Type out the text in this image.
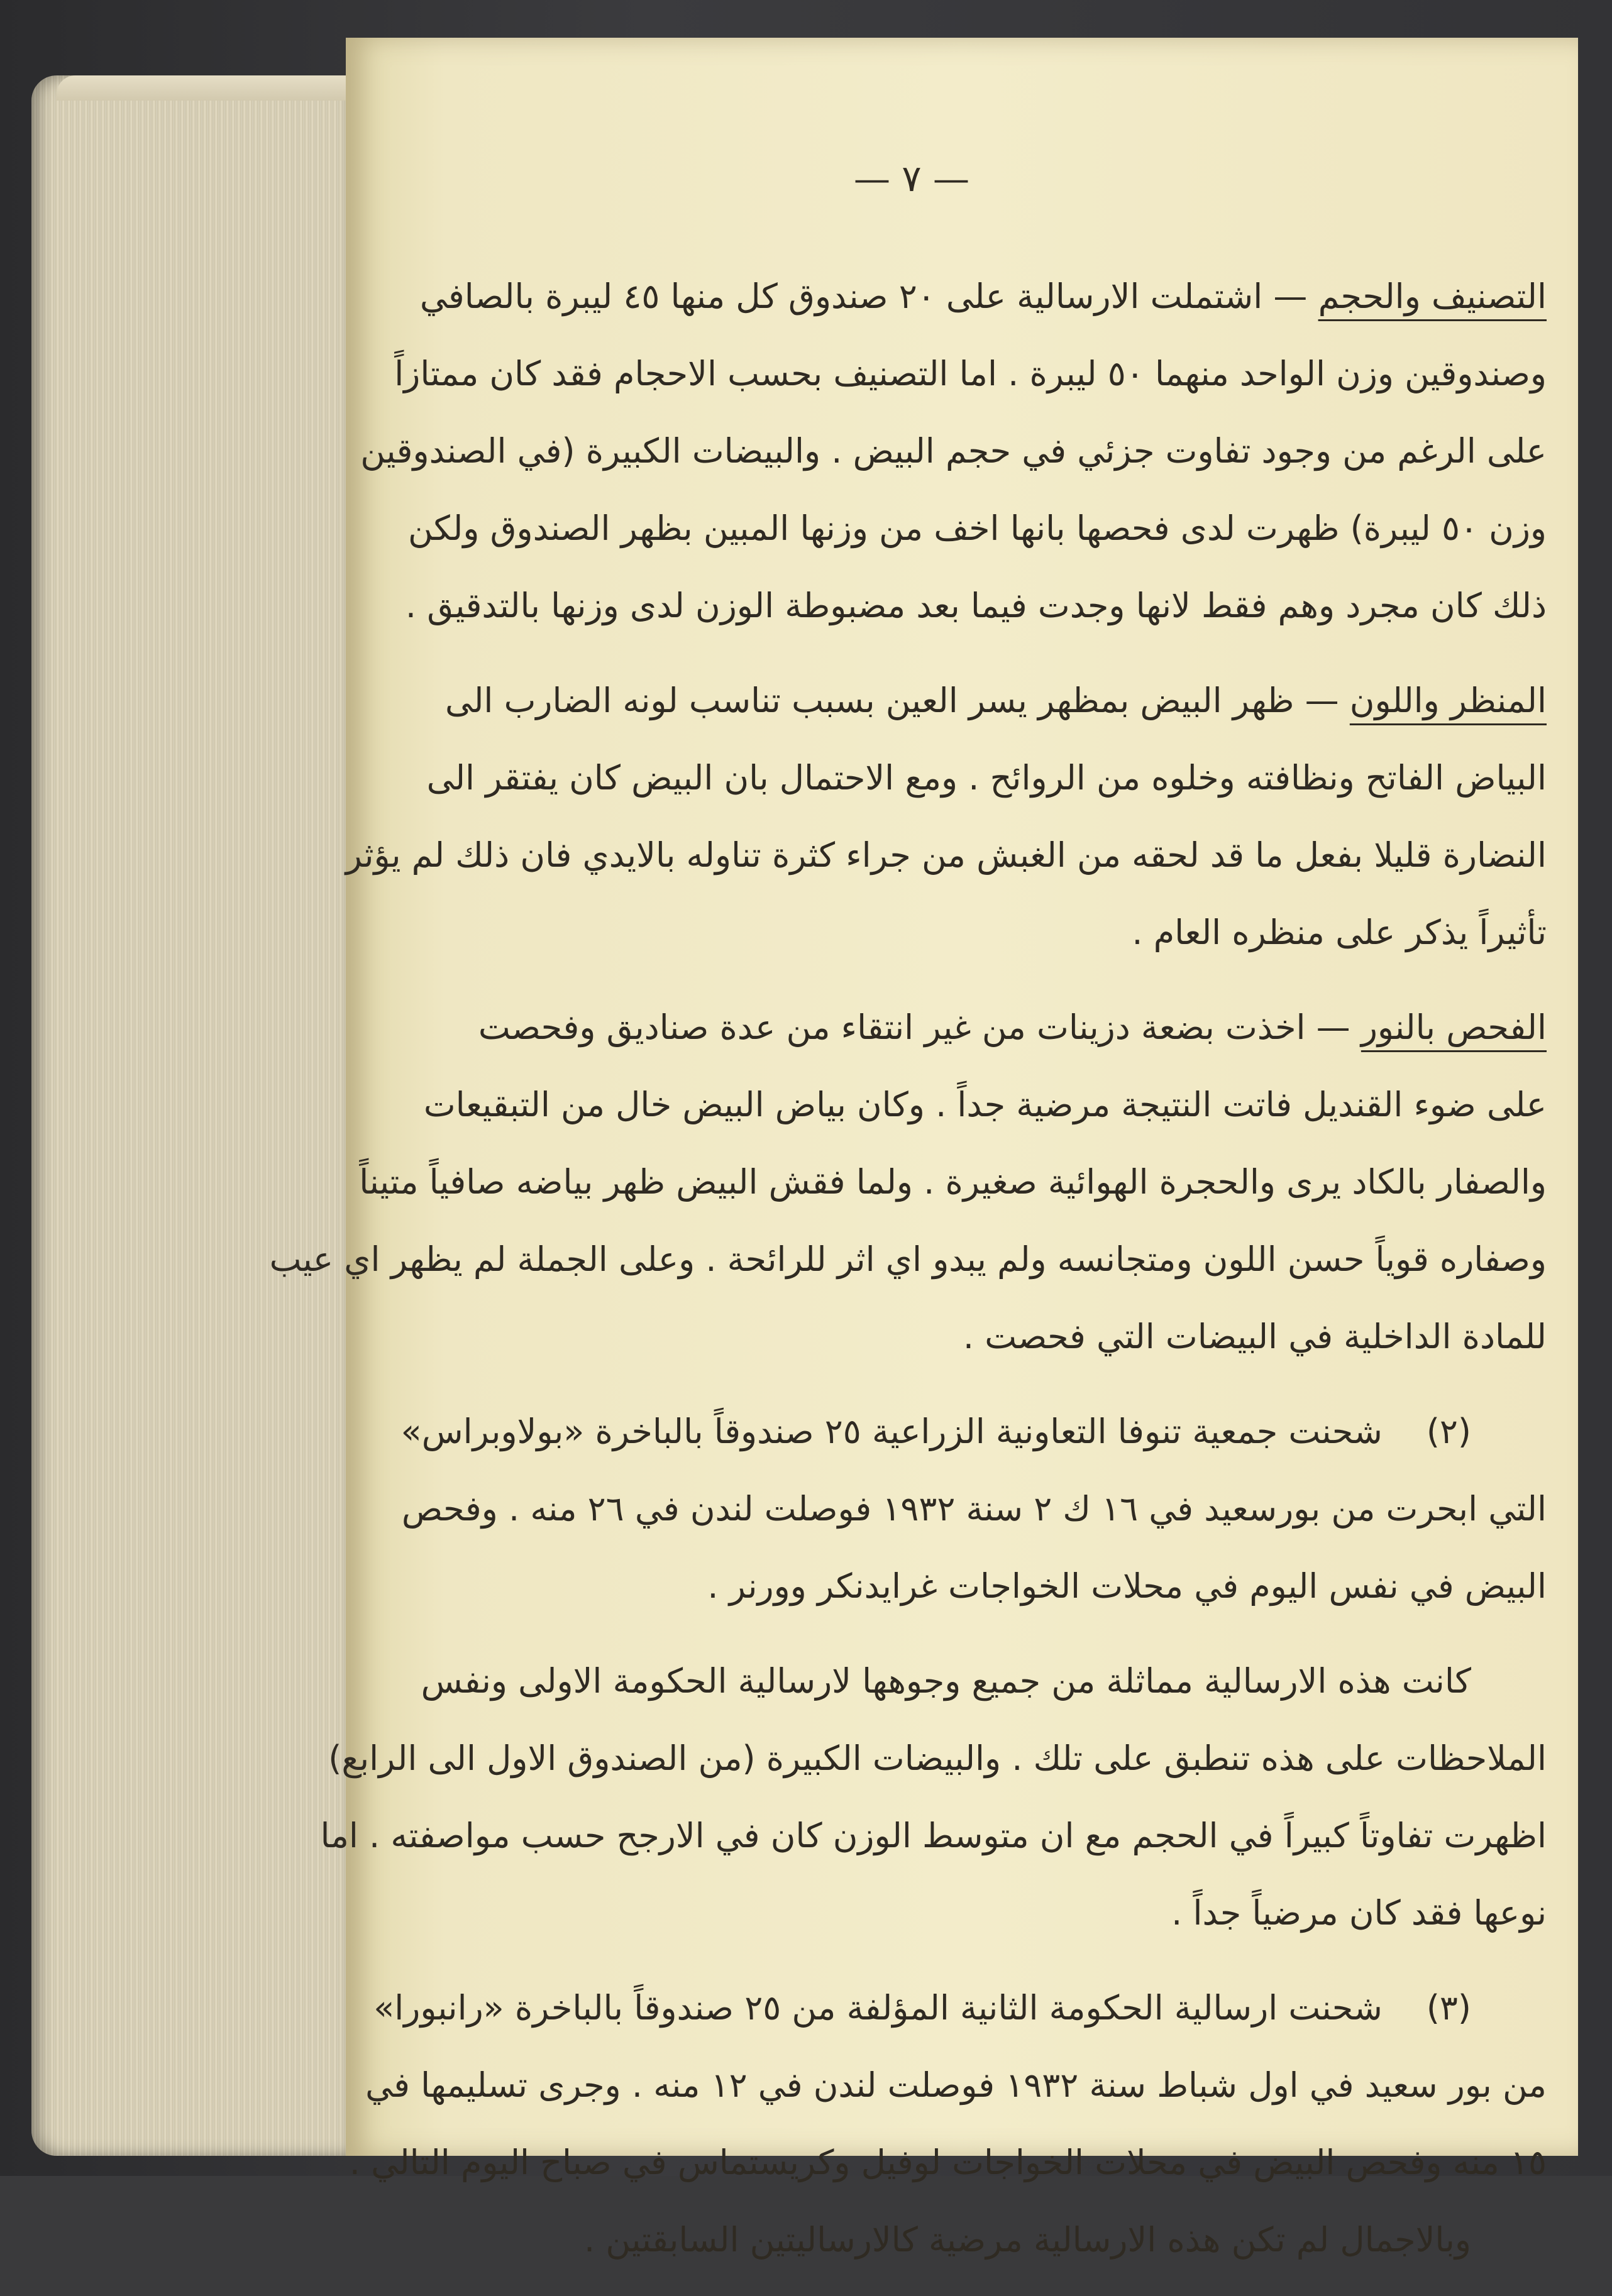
— ٧ —
التصنيف والحجم — اشتملت الارسالية على ٢٠ صندوق كل منها ٤٥ ليبرة بالصافي
وصندوقين وزن الواحد منهما ٥٠ ليبرة . اما التصنيف بحسب الاحجام فقد كان ممتازاً
على الرغم من وجود تفاوت جزئي في حجم البيض . والبيضات الكبيرة (في الصندوقين
وزن ٥٠ ليبرة) ظهرت لدى فحصها بانها اخف من وزنها المبين بظهر الصندوق ولكن
ذلك كان مجرد وهم فقط لانها وجدت فيما بعد مضبوطة الوزن لدى وزنها بالتدقيق .
المنظر واللون — ظهر البيض بمظهر يسر العين بسبب تناسب لونه الضارب الى
البياض الفاتح ونظافته وخلوه من الروائح . ومع الاحتمال بان البيض كان يفتقر الى
النضارة قليلا بفعل ما قد لحقه من الغبش من جراء كثرة تناوله بالايدي فان ذلك لم يؤثر
تأثيراً يذكر على منظره العام .
الفحص بالنور — اخذت بضعة دزينات من غير انتقاء من عدة صناديق وفحصت
على ضوء القنديل فاتت النتيجة مرضية جداً . وكان بياض البيض خال من التبقيعات
والصفار بالكاد يرى والحجرة الهوائية صغيرة . ولما فقش البيض ظهر بياضه صافياً متيناً
وصفاره قوياً حسن اللون ومتجانسه ولم يبدو اي اثر للرائحة . وعلى الجملة لم يظهر اي عيب
للمادة الداخلية في البيضات التي فحصت .
(٢)شحنت جمعية تنوفا التعاونية الزراعية ٢٥ صندوقاً بالباخرة «بولاوبراس»
التي ابحرت من بورسعيد في ١٦ ك ٢ سنة ١٩٣٢ فوصلت لندن في ٢٦ منه . وفحص
البيض في نفس اليوم في محلات الخواجات غرايدنكر وورنر .
كانت هذه الارسالية مماثلة من جميع وجوهها لارسالية الحكومة الاولى ونفس
الملاحظات على هذه تنطبق على تلك . والبيضات الكبيرة (من الصندوق الاول الى الرابع)
اظهرت تفاوتاً كبيراً في الحجم مع ان متوسط الوزن كان في الارجح حسب مواصفته . اما
نوعها فقد كان مرضياً جداً .
(٣)شحنت ارسالية الحكومة الثانية المؤلفة من ٢٥ صندوقاً بالباخرة «رانبورا»
من بور سعيد في اول شباط سنة ١٩٣٢ فوصلت لندن في ١٢ منه . وجرى تسليمها في
١٥ منه وفحص البيض في محلات الخواجات لوفيل وكريستماس في صباح اليوم التالي .
وبالاجمال لم تكن هذه الارسالية مرضية كالارساليتين السابقتين .
